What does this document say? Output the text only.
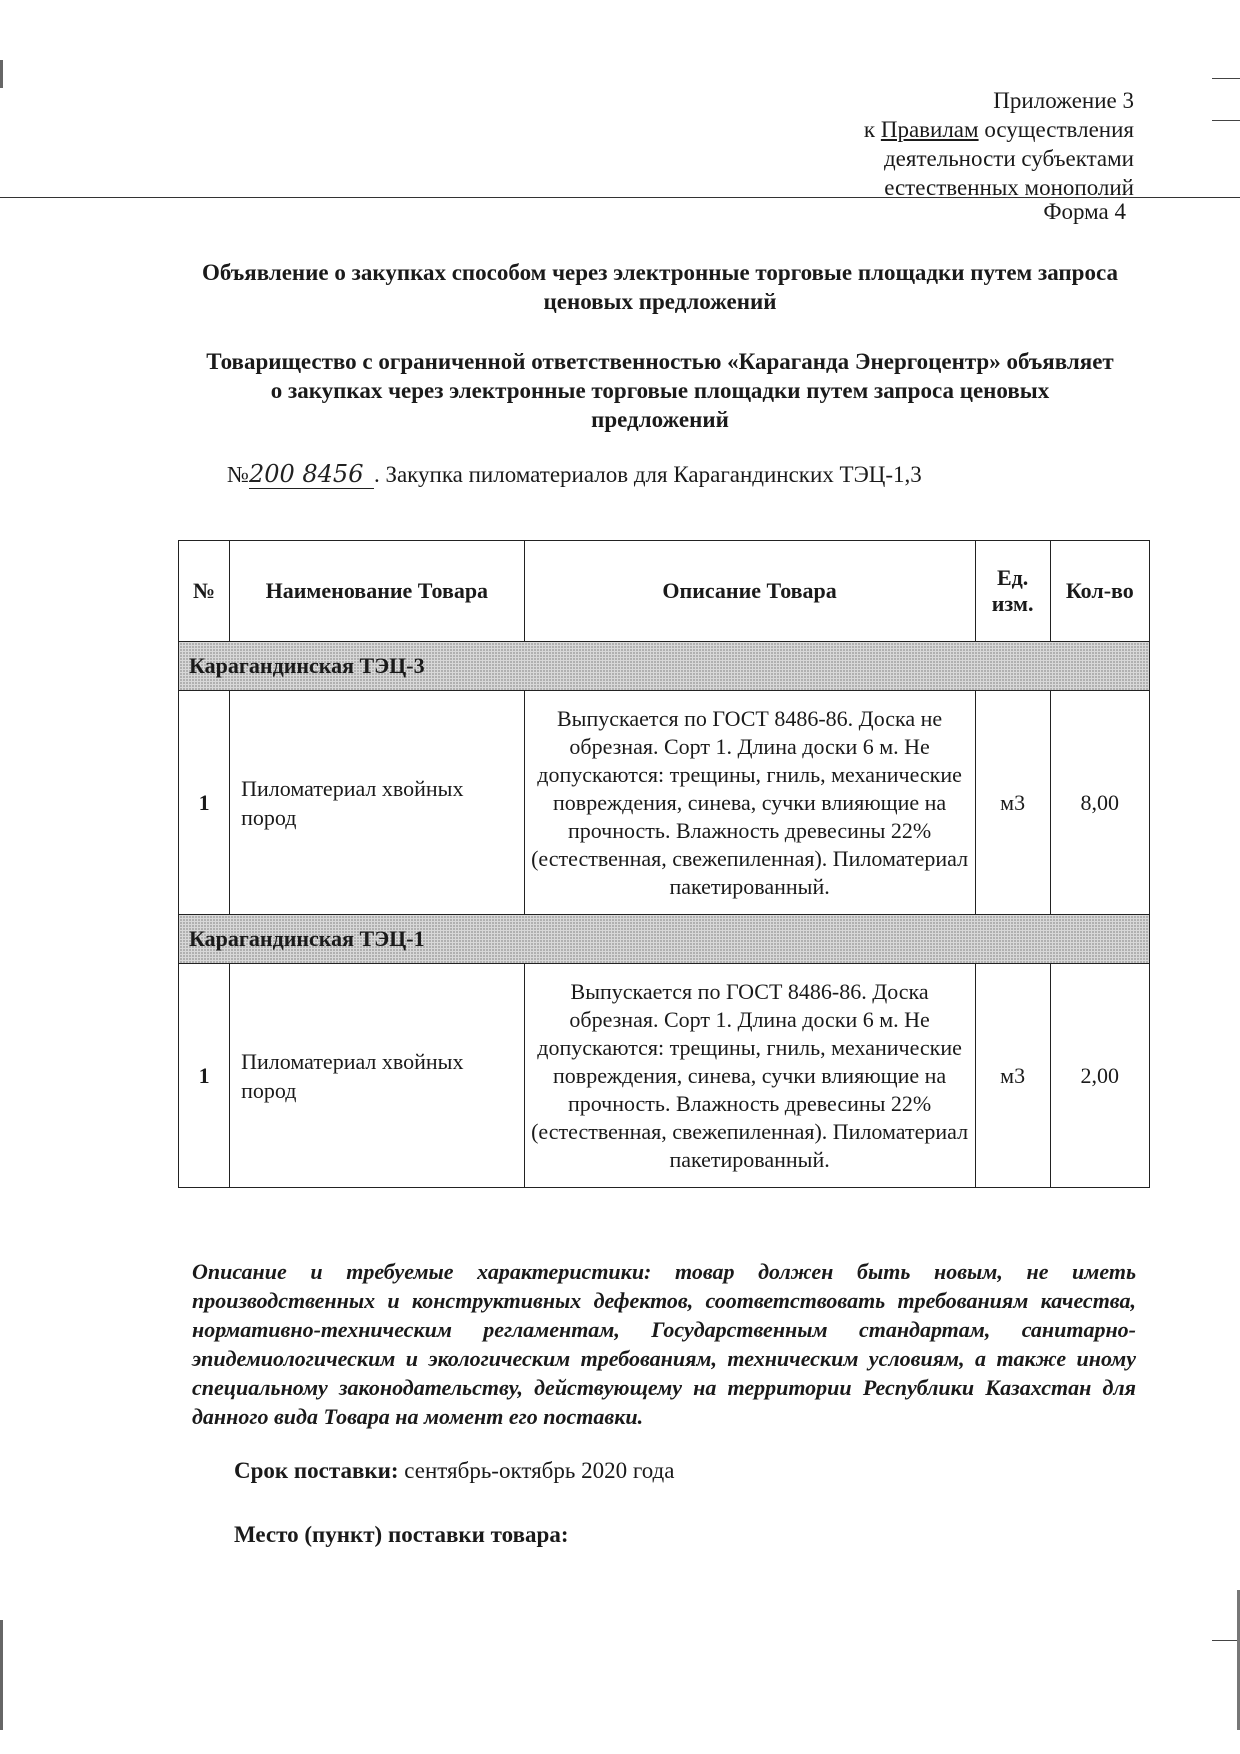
Приложение 3
к Правилам осуществления
деятельности субъектами
естественных монополий
Форма 4
Объявление о закупках способом через электронные торговые площадки путем запроса ценовых предложений
Товарищество с ограниченной ответственностью «Караганда Энергоцентр» объявляет о закупках через электронные торговые площадки путем запроса ценовых предложений
№200 8456 . Закупка пиломатериалов для Карагандинских ТЭЦ-1,3
№	Наименование Товара	Описание Товара	Ед. изм.	Кол-во
Карагандинская ТЭЦ-3				
1	Пиломатериал хвойных пород	Выпускается по ГОСТ 8486-86. Доска не обрезная. Сорт 1. Длина доски 6 м. Не допускаются: трещины, гниль, механические повреждения, синева, сучки влияющие на прочность. Влажность древесины 22% (естественная, свежепиленная). Пиломатериал пакетированный.	м3	8,00
Карагандинская ТЭЦ-1				
1	Пиломатериал хвойных пород	Выпускается по ГОСТ 8486-86. Доска обрезная. Сорт 1. Длина доски 6 м. Не допускаются: трещины, гниль, механические повреждения, синева, сучки влияющие на прочность. Влажность древесины 22% (естественная, свежепиленная). Пиломатериал пакетированный.	м3	2,00
Описание и требуемые характеристики: товар должен быть новым, не иметь производственных и конструктивных дефектов, соответствовать требованиям качества, нормативно-техническим регламентам, Государственным стандартам, санитарно-эпидемиологическим и экологическим требованиям, техническим условиям, а также иному специальному законодательству, действующему на территории Республики Казахстан для данного вида Товара на момент его поставки.
Срок поставки: сентябрь-октябрь 2020 года
Место (пункт) поставки товара:
